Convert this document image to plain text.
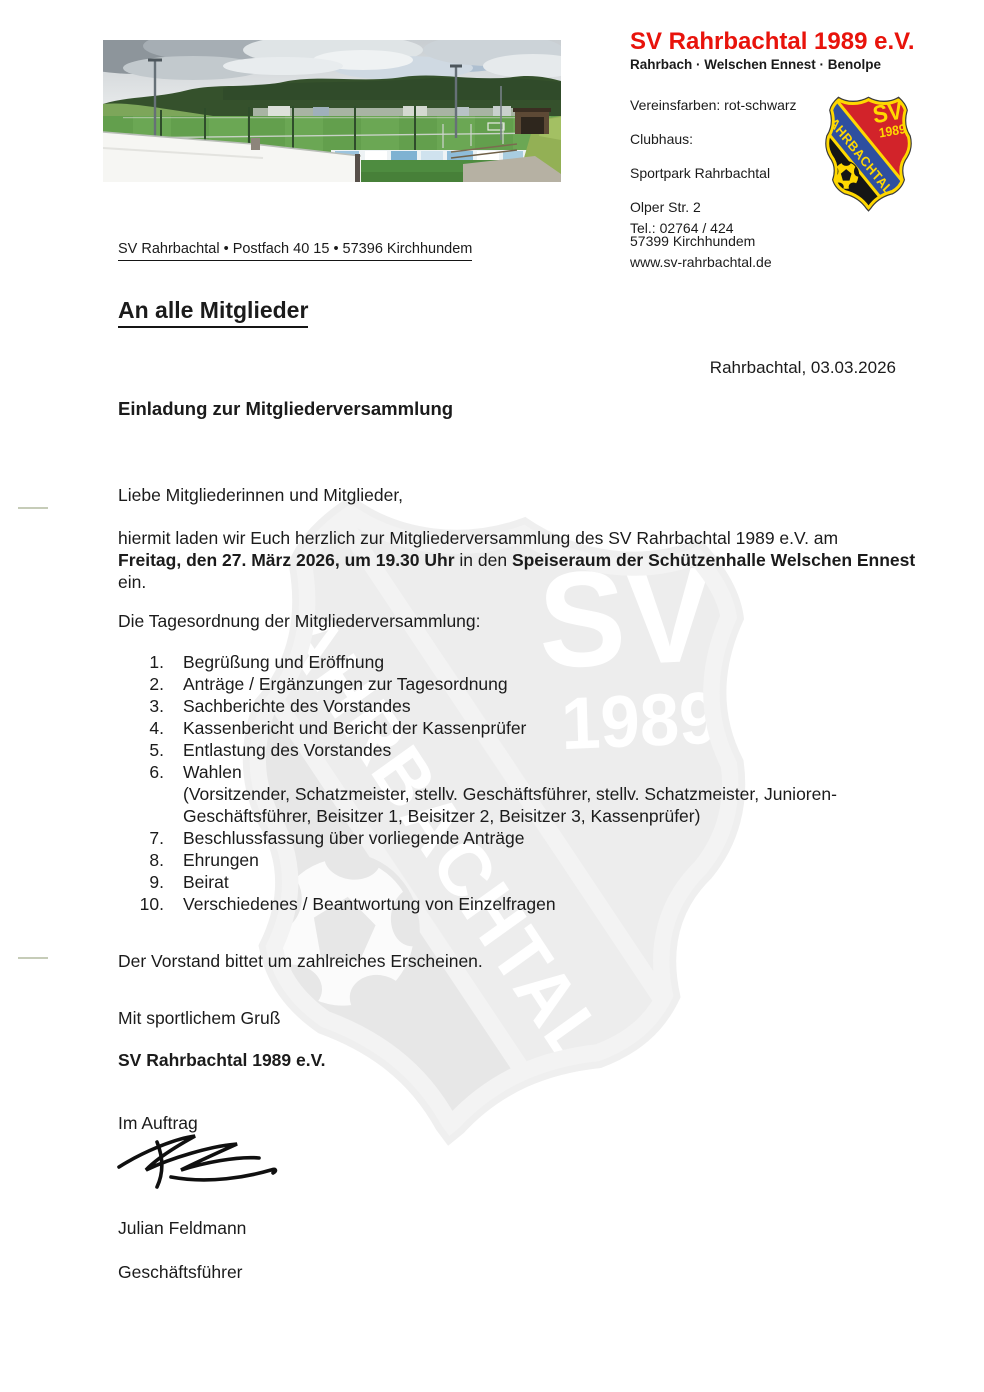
SV Rahrbachtal 1989 e.V.
Rahrbach · Welschen Ennest · Benolpe
Vereinsfarben: rot-schwarz
Clubhaus:

Sportpark Rahrbachtal

Olper Str. 2

57399 Kirchhundem

Tel.: 02764 / 424

www.sv-rahrbachtal.de

SV Rahrbachtal • Postfach 40 15 • 57396 Kirchhundem
An alle Mitglieder
Rahrbachtal, 03.03.2026
Einladung zur Mitgliederversammlung
Liebe Mitgliederinnen und Mitglieder,
hiermit laden wir Euch herzlich zur Mitgliederversammlung des SV Rahrbachtal 1989 e.V. am
Freitag, den 27. März 2026, um 19.30 Uhr in den Speiseraum der Schützenhalle Welschen Ennest
ein.
Die Tagesordnung der Mitgliederversammlung:
1. Begrüßung und Eröffnung
2. Anträge / Ergänzungen zur Tagesordnung
3. Sachberichte des Vorstandes
4. Kassenbericht und Bericht der Kassenprüfer
5. Entlastung des Vorstandes
6. Wahlen
(Vorsitzender, Schatzmeister, stellv. Geschäftsführer, stellv. Schatzmeister, Junioren-
Geschäftsführer, Beisitzer 1, Beisitzer 2, Beisitzer 3, Kassenprüfer)
7. Beschlussfassung über vorliegende Anträge
8. Ehrungen
9. Beirat
10. Verschiedenes / Beantwortung von Einzelfragen
Der Vorstand bittet um zahlreiches Erscheinen.
Mit sportlichem Gruß
SV Rahrbachtal 1989 e.V.
Im Auftrag

Julian Feldmann

Geschäftsführer
